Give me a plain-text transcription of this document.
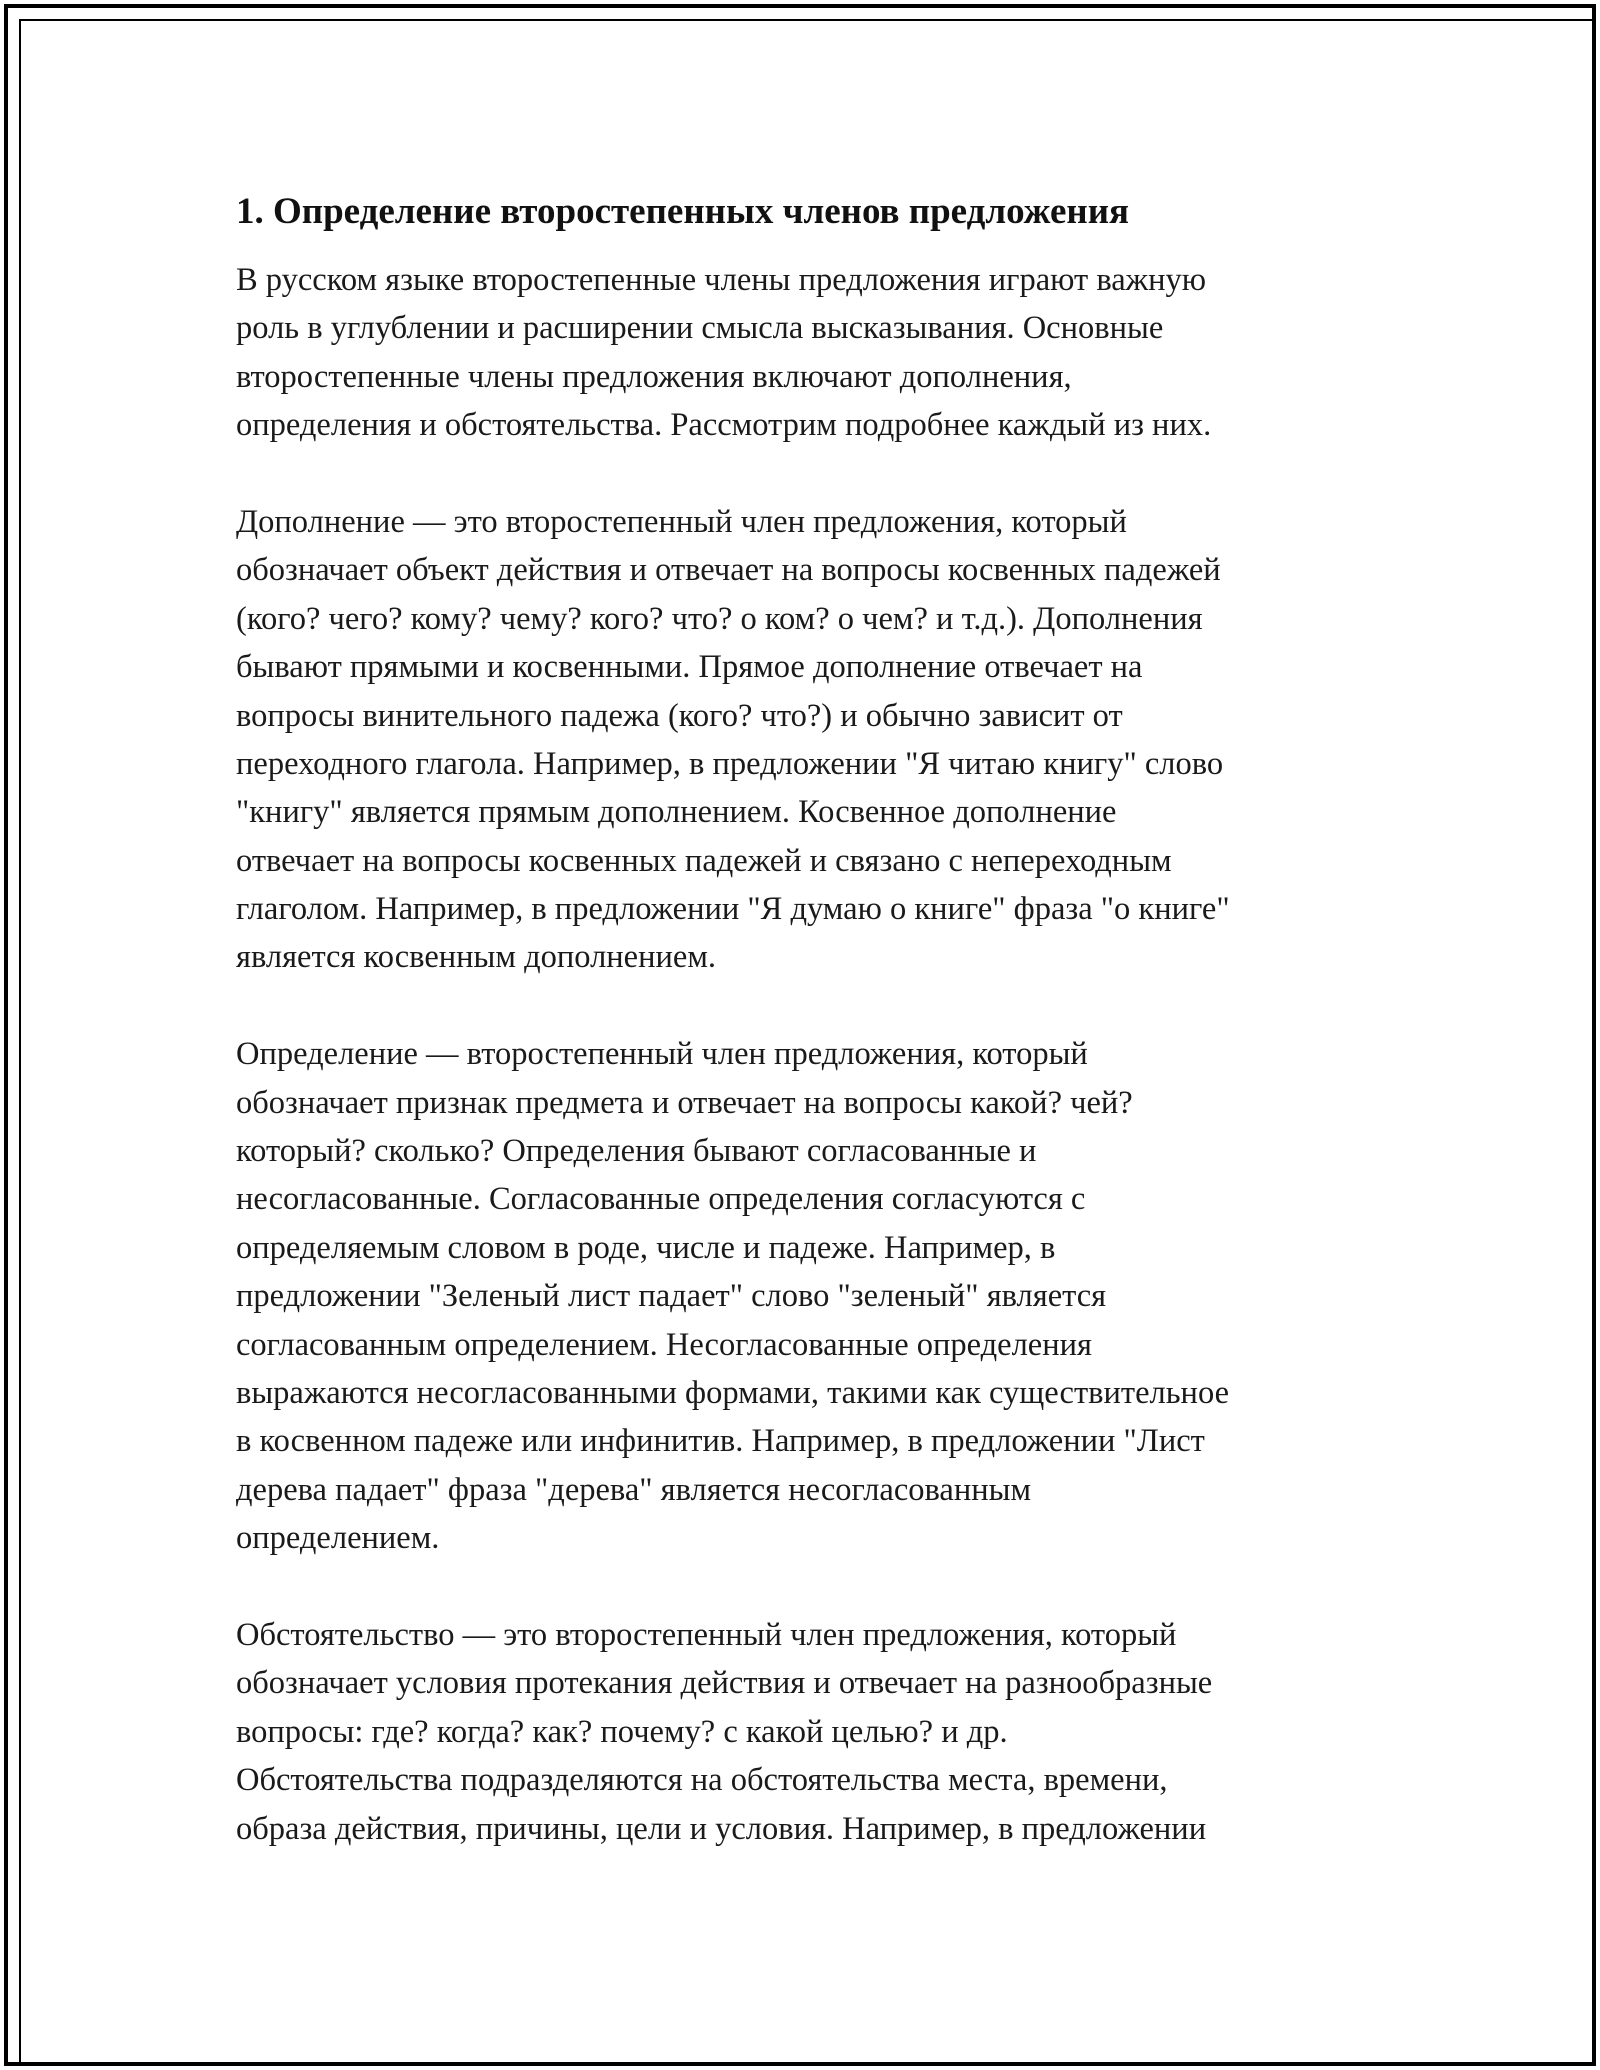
1. Определение второстепенных членов предложения
В русском языке второстепенные члены предложения играют важную
роль в углублении и расширении смысла высказывания. Основные
второстепенные члены предложения включают дополнения,
определения и обстоятельства. Рассмотрим подробнее каждый из них.
Дополнение — это второстепенный член предложения, который
обозначает объект действия и отвечает на вопросы косвенных падежей
(кого? чего? кому? чему? кого? что? о ком? о чем? и т.д.). Дополнения
бывают прямыми и косвенными. Прямое дополнение отвечает на
вопросы винительного падежа (кого? что?) и обычно зависит от
переходного глагола. Например, в предложении "Я читаю книгу" слово
"книгу" является прямым дополнением. Косвенное дополнение
отвечает на вопросы косвенных падежей и связано с непереходным
глаголом. Например, в предложении "Я думаю о книге" фраза "о книге"
является косвенным дополнением.
Определение — второстепенный член предложения, который
обозначает признак предмета и отвечает на вопросы какой? чей?
который? сколько? Определения бывают согласованные и
несогласованные. Согласованные определения согласуются с
определяемым словом в роде, числе и падеже. Например, в
предложении "Зеленый лист падает" слово "зеленый" является
согласованным определением. Несогласованные определения
выражаются несогласованными формами, такими как существительное
в косвенном падеже или инфинитив. Например, в предложении "Лист
дерева падает" фраза "дерева" является несогласованным
определением.
Обстоятельство — это второстепенный член предложения, который
обозначает условия протекания действия и отвечает на разнообразные
вопросы: где? когда? как? почему? с какой целью? и др.
Обстоятельства подразделяются на обстоятельства места, времени,
образа действия, причины, цели и условия. Например, в предложении
